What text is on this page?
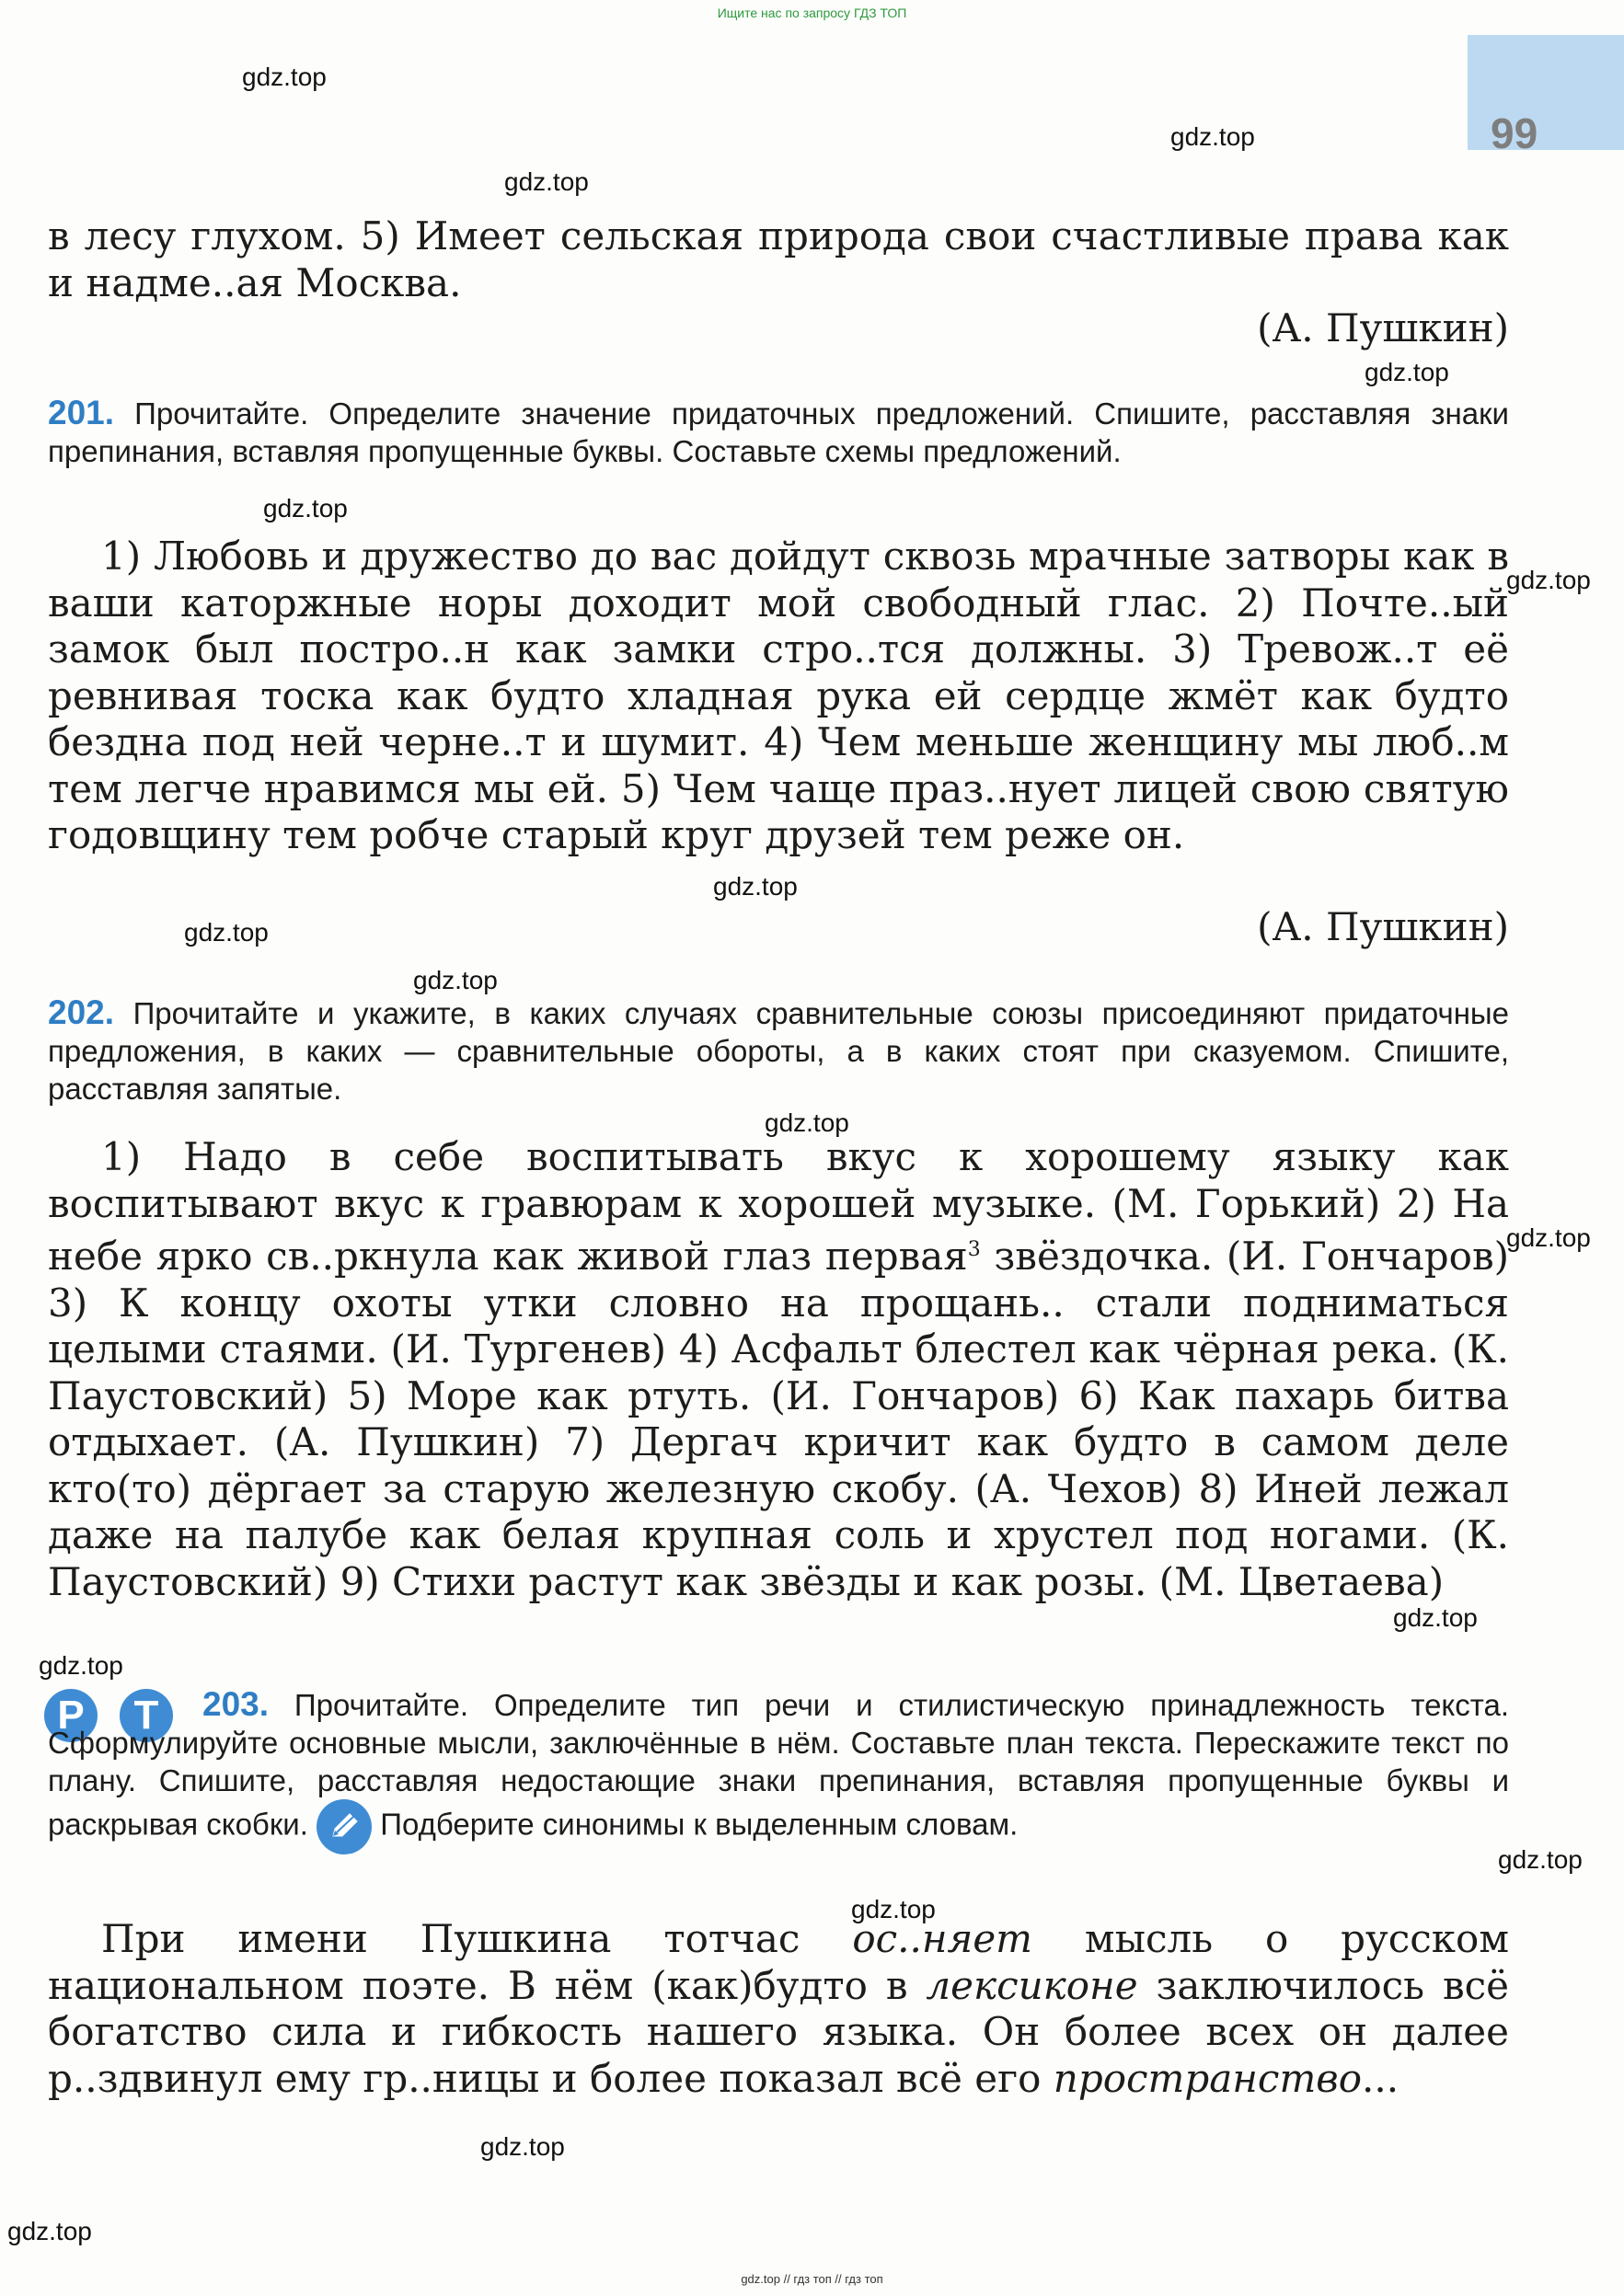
Ищите нас по запросу ГДЗ ТОП
99
gdz.top
gdz.top
gdz.top
gdz.top
gdz.top
gdz.top
gdz.top
gdz.top
gdz.top
gdz.top
gdz.top
gdz.top
gdz.top
gdz.top
gdz.top
gdz.top
gdz.top
в лесу глухом. 5) Имеет сельская природа свои счастливые права как и надме..ая Москва.
(А. Пушкин)
201. Прочитайте. Определите значение придаточных предложений. Спишите, расставляя знаки препинания, вставляя пропущенные буквы. Составьте схемы предложений.
1) Любовь и дружество до вас дойдут сквозь мрачные затворы как в ваши каторжные норы доходит мой свободный глас. 2) Почте..ый замок был постро..н как замки стро..тся должны. 3) Тревож..т её ревнивая тоска как будто хладная рука ей сердце жмёт как будто бездна под ней черне..т и шумит. 4) Чем меньше женщину мы люб..м тем легче нравимся мы ей. 5) Чем чаще праз..нует лицей свою святую годовщину тем робче старый круг друзей тем реже он.
(А. Пушкин)
202. Прочитайте и укажите, в каких случаях сравнительные союзы присоединяют придаточные предложения, в каких — сравнительные обороты, а в каких стоят при сказуемом. Спишите, расставляя запятые.
1) Надо в себе воспитывать вкус к хорошему языку как воспитывают вкус к гравюрам к хорошей музыке. (М. Горький) 2) На небе ярко св..ркнула как живой глаз первая$^3$ звёздочка. (И. Гончаров) 3) К концу охоты утки словно на прощань.. стали подниматься целыми стаями. (И. Тургенев) 4) Асфальт блестел как чёрная река. (К. Паустовский) 5) Море как ртуть. (И. Гончаров) 6) Как пахарь битва отдыхает. (А. Пушкин) 7) Дергач кричит как будто в самом деле кто(то) дёргает за старую железную скобу. (А. Чехов) 8) Иней лежал даже на палубе как белая крупная соль и хрустел под ногами. (К. Паустовский) 9) Стихи растут как звёзды и как розы. (М. Цветаева)
Р	Т	203. Прочитайте. Определите тип речи и стилистическую принадлежность текста. Сформулируйте основные мысли, заключённые в нём. Составьте план текста. Перескажите текст по плану. Спишите, расставляя недостающие знаки препинания, вставляя пропущенные буквы и раскрывая скобки.
Подберите синонимы к выделенным словам.
При имени Пушкина тотчас ос..няет мысль о русском национальном поэте. В нём (как)будто в лексиконе заключилось всё богатство сила и гибкость нашего языка. Он более всех он далее р..здвинул ему гр..ницы и более показал всё его пространство...
gdz.top // гдз топ // гдз топ
